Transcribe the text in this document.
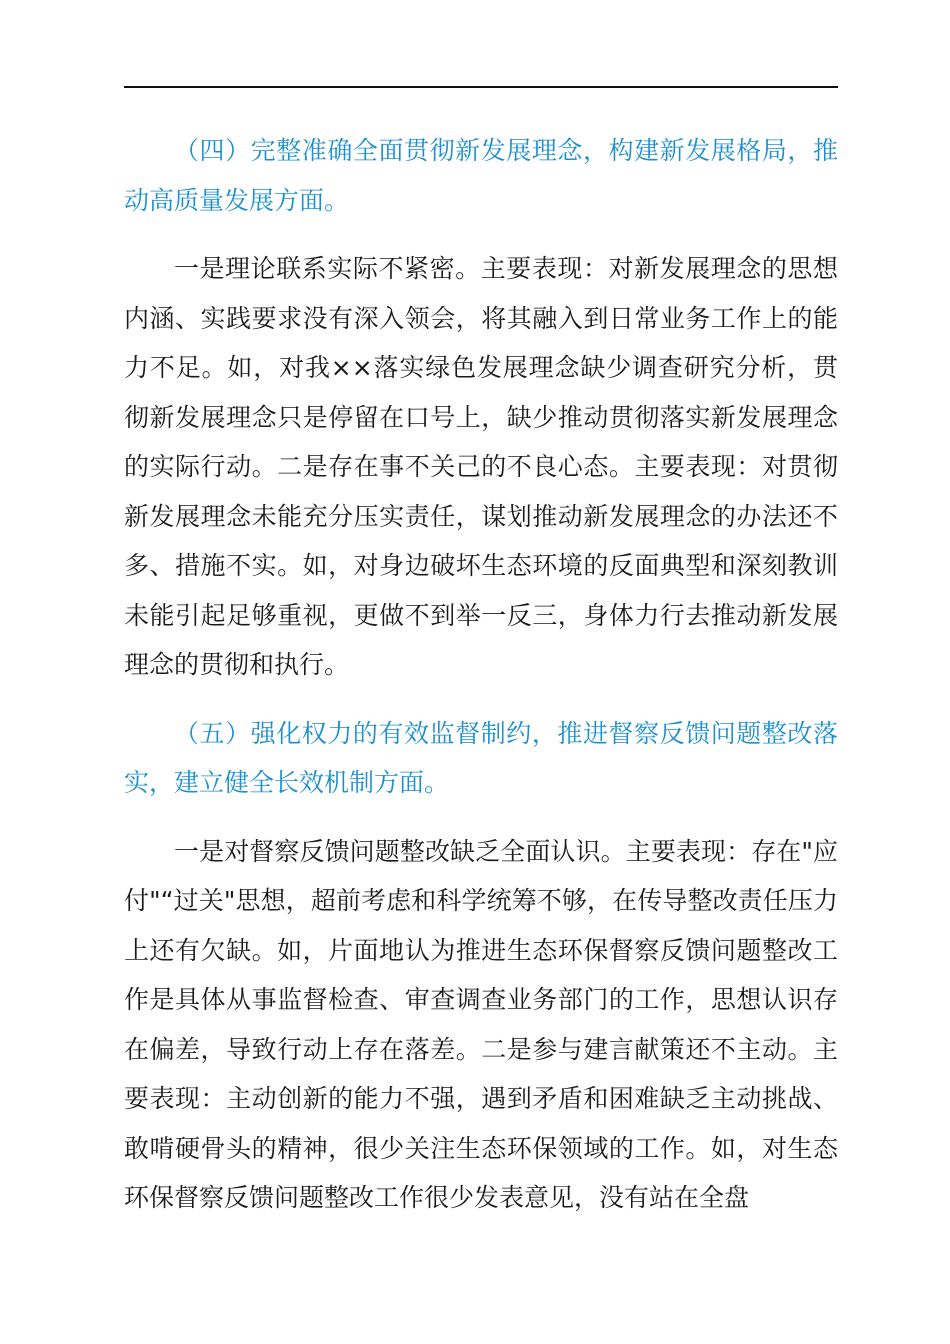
（四）完整准确全面贯彻新发展理念，构建新发展格局，推动高质量发展方面。

一是理论联系实际不紧密。主要表现：对新发展理念的思想内涵、实践要求没有深入领会，将其融入到日常业务工作上的能力不足。如，对我××落实绿色发展理念缺少调查研究分析，贯彻新发展理念只是停留在口号上，缺少推动贯彻落实新发展理念的实际行动。二是存在事不关己的不良心态。主要表现：对贯彻新发展理念未能充分压实责任，谋划推动新发展理念的办法还不多、措施不实。如，对身边破坏生态环境的反面典型和深刻教训未能引起足够重视，更做不到举一反三，身体力行去推动新发展理念的贯彻和执行。

（五）强化权力的有效监督制约，推进督察反馈问题整改落实，建立健全长效机制方面。

一是对督察反馈问题整改缺乏全面认识。主要表现：存在"应付"“过关"思想，超前考虑和科学统筹不够，在传导整改责任压力上还有欠缺。如，片面地认为推进生态环保督察反馈问题整改工作是具体从事监督检查、审查调查业务部门的工作，思想认识存在偏差，导致行动上存在落差。二是参与建言献策还不主动。主要表现：主动创新的能力不强，遇到矛盾和困难缺乏主动挑战、敢啃硬骨头的精神，很少关注生态环保领域的工作。如，对生态环保督察反馈问题整改工作很少发表意见，没有站在全盘
